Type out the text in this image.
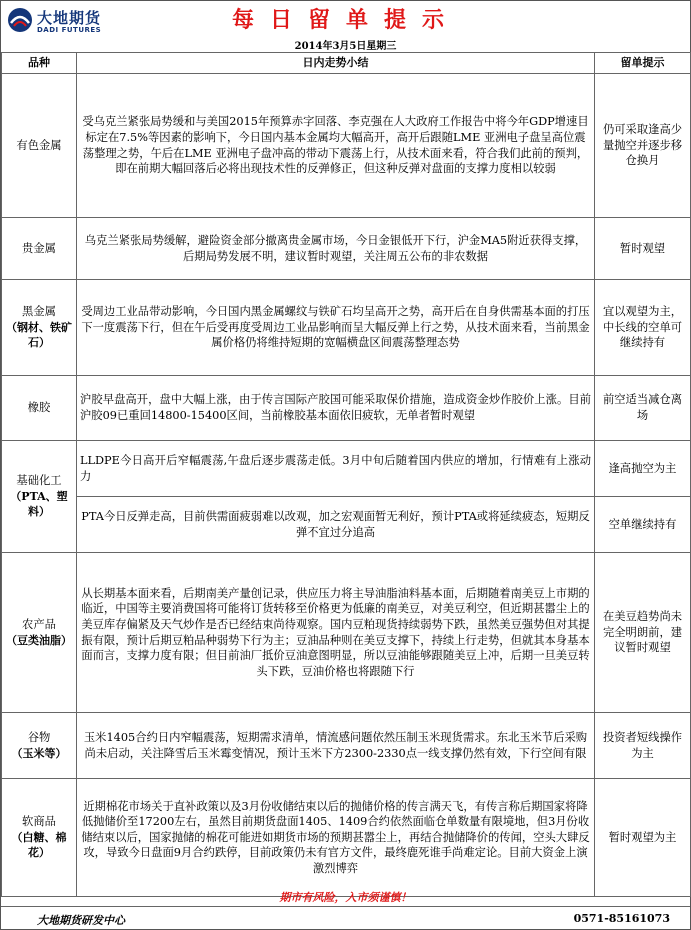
大地期货
DADI FUTURES	每日留单提示
2014年3月5日星期三
品种	日内走势小结	留单提示
有色金属	受乌克兰紧张局势缓和与美国2015年预算赤字回落、李克强在人大政府工作报告中将今年GDP增速目标定在7.5%等因素的影响下，今日国内基本金属均大幅高开，高开后跟随LME 亚洲电子盘呈高位震荡整理之势，午后在LME 亚洲电子盘冲高的带动下震荡上行，从技术面来看，符合我们此前的预判，即在前期大幅回落后必将出现技术性的反弹修正，但这种反弹对盘面的支撑力度相以较弱	仍可采取逢高少量抛空并逐步移仓换月
贵金属	乌克兰紧张局势缓解，避险资金部分撤离贵金属市场，今日金银低开下行，沪金MA5附近获得支撑，后期局势发展不明，建议暂时观望，关注周五公布的非农数据	暂时观望

黑金属
（钢材、铁矿石）	受周边工业品带动影响，今日国内黑金属螺纹与铁矿石均呈高开之势，高开后在自身供需基本面的打压下一度震荡下行，但在午后受再度受周边工业品影响而呈大幅反弹上行之势，从技术面来看，当前黑金属价格仍将维持短期的宽幅横盘区间震荡整理态势	宜以观望为主，中长线的空单可继续持有
橡胶	沪胶早盘高开，盘中大幅上涨，由于传言国际产胶国可能采取保价措施，造成资金炒作胶价上涨。目前沪胶09已重回14800-15400区间，当前橡胶基本面依旧疲软，无单者暂时观望	前空适当减仓离场

基础化工
（PTA、塑料）	LLDPE今日高开后窄幅震荡,午盘后逐步震荡走低。3月中旬后随着国内供应的增加，行情难有上涨动力	逢高抛空为主
	PTA今日反弹走高，目前供需面疲弱难以改观，加之宏观面暂无利好，预计PTA或将延续疲态，短期反弹不宜过分追高	空单继续持有

农产品
（豆类油脂）	从长期基本面来看，后期南美产量创记录，供应压力将主导油脂油料基本面，后期随着南美豆上市期的临近，中国等主要消费国将可能将订货转移至价格更为低廉的南美豆，对美豆利空，但近期甚嚣尘上的美豆库存偏紧及天气炒作是否已经结束尚待观察。国内豆粕现货持续弱势下跌，虽然美豆强势但对其提振有限，预计后期豆粕品种弱势下行为主；豆油品种则在美豆支撑下，持续上行走势，但就其本身基本面而言，支撑力度有限；但目前油厂抵价豆油意图明显，所以豆油能够跟随美豆上冲，后期一旦美豆转头下跌，豆油价格也将跟随下行	在美豆趋势尚未完全明朗前，建议暂时观望

谷物
（玉米等）	玉米1405合约日内窄幅震荡，短期需求清单，情流感问题依然压制玉米现货需求。东北玉米节后采购尚未启动，关注降雪后玉米霉变情况，预计玉米下方2300-2330点一线支撑仍然有效，下行空间有限	投资者短线操作为主

软商品
（白糖、棉花）	近期棉花市场关于直补政策以及3月份收储结束以后的抛储价格的传言满天飞，有传言称后期国家将降低抛储价至17200左右，虽然目前期货盘面1405、1409合约依然面临仓单数量有限境地，但3月份收储结束以后，国家抛储的棉花可能进如期货市场的预期甚嚣尘上，再结合抛储降价的传闻，空头大肆反攻，导致今日盘面9月合约跌停，目前政策仍未有官方文件，最终鹿死谁手尚难定论。目前大资金上演激烈博弈	暂时观望为主
期市有风险，入市须谨慎！
大地期货研发中心	0571-85161073
